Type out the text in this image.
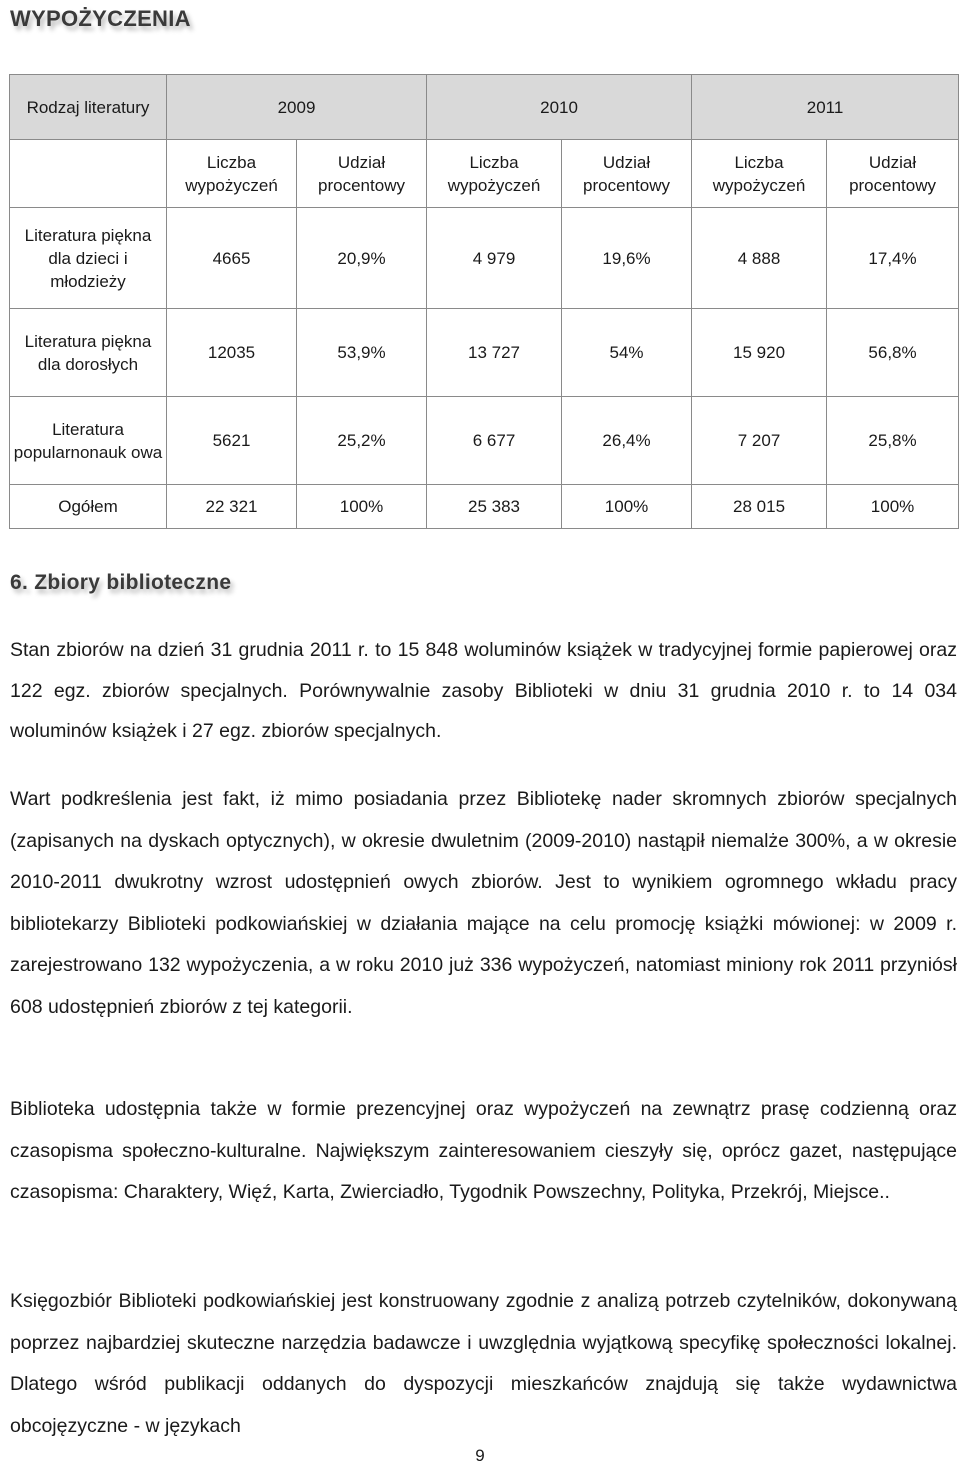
WYPOŻYCZENIA
Rodzaj literatury	2009		2010		2011	
	Liczba wypożyczeń	Udział procentowy	Liczba wypożyczeń	Udział procentowy	Liczba wypożyczeń	Udział procentowy
Literatura piękna dla dzieci i młodzieży	4665	20,9%	4 979	19,6%	4 888	17,4%
Literatura piękna dla dorosłych	12035	53,9%	13 727	54%	15 920	56,8%
Literatura popularnonauk owa	5621	25,2%	6 677	26,4%	7 207	25,8%
Ogółem	22 321	100%	25 383	100%	28 015	100%
6. Zbiory biblioteczne

Stan zbiorów na dzień 31 grudnia 2011 r. to 15 848 woluminów książek w tradycyjnej formie papierowej oraz 122 egz. zbiorów specjalnych. Porównywalnie zasoby Biblioteki w dniu 31 grudnia 2010 r. to 14 034 woluminów książek i 27 egz. zbiorów specjalnych.

Wart podkreślenia jest fakt, iż mimo posiadania przez Bibliotekę nader skromnych zbiorów specjalnych (zapisanych na dyskach optycznych), w okresie dwuletnim (2009-2010) nastąpił niemalże 300%, a w okresie 2010-2011 dwukrotny wzrost udostępnień owych zbiorów. Jest to wynikiem ogromnego wkładu pracy bibliotekarzy Biblioteki podkowiańskiej w działania mające na celu promocję książki mówionej: w 2009 r. zarejestrowano 132 wypożyczenia, a w roku 2010 już 336 wypożyczeń, natomiast miniony rok 2011 przyniósł 608 udostępnień zbiorów z tej kategorii.

Biblioteka udostępnia także w formie prezencyjnej oraz wypożyczeń na zewnątrz prasę codzienną oraz czasopisma społeczno-kulturalne. Największym zainteresowaniem cieszyły się, oprócz gazet, następujące czasopisma: Charaktery, Więź, Karta, Zwierciadło, Tygodnik Powszechny, Polityka, Przekrój, Miejsce..

Księgozbiór Biblioteki podkowiańskiej jest konstruowany zgodnie z analizą potrzeb czytelników, dokonywaną poprzez najbardziej skuteczne narzędzia badawcze i uwzględnia wyjątkową specyfikę społeczności lokalnej. Dlatego wśród publikacji oddanych do dyspozycji mieszkańców znajdują się także wydawnictwa obcojęzyczne - w językach

9
